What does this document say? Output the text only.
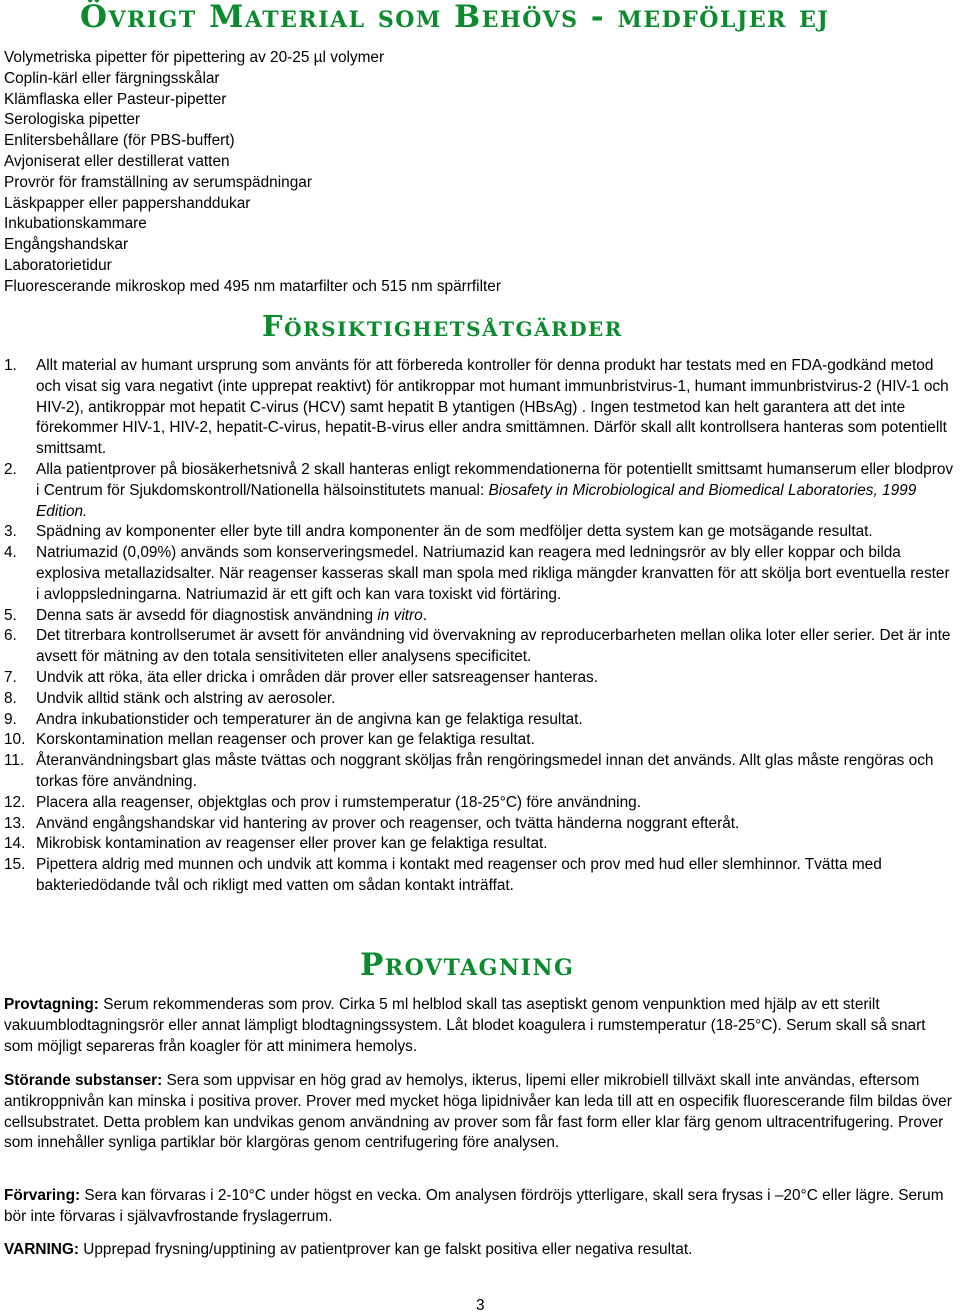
Övrigt Material som Behövs - medföljer ej
Volymetriska pipetter för pipettering av 20-25 µl volymer
Coplin-kärl eller färgningsskålar
Klämflaska eller Pasteur-pipetter
Serologiska pipetter
Enlitersbehållare (för PBS-buffert)
Avjoniserat eller destillerat vatten
Provrör för framställning av serumspädningar
Läskpapper eller pappershanddukar
Inkubationskammare
Engångshandskar
Laboratorietidur
Fluorescerande mikroskop med 495 nm matarfilter och 515 nm spärrfilter
Försiktighetsåtgärder
1. Allt material av humant ursprung som använts för att förbereda kontroller för denna produkt har testats med en FDA-godkänd metod och visat sig vara negativt (inte upprepat reaktivt) för antikroppar mot humant immunbristvirus-1, humant immunbristvirus-2 (HIV-1 och HIV-2), antikroppar mot hepatit C-virus (HCV) samt hepatit B ytantigen (HBsAg) . Ingen testmetod kan helt garantera att det inte förekommer HIV-1, HIV-2, hepatit-C-virus, hepatit-B-virus eller andra smittämnen. Därför skall allt kontrollsera hanteras som potentiellt smittsamt.
2. Alla patientprover på biosäkerhetsnivå 2 skall hanteras enligt rekommendationerna för potentiellt smittsamt humanserum eller blodprov i Centrum för Sjukdomskontroll/Nationella hälsoinstitutets manual: Biosafety in Microbiological and Biomedical Laboratories, 1999 Edition.
3. Spädning av komponenter eller byte till andra komponenter än de som medföljer detta system kan ge motsägande resultat.
4. Natriumazid (0,09%) används som konserveringsmedel. Natriumazid kan reagera med ledningsrör av bly eller koppar och bilda explosiva metallazidsalter. När reagenser kasseras skall man spola med rikliga mängder kranvatten för att skölja bort eventuella rester i avloppsledningarna. Natriumazid är ett gift och kan vara toxiskt vid förtäring.
5. Denna sats är avsedd för diagnostisk användning in vitro.
6. Det titrerbara kontrollserumet är avsett för användning vid övervakning av reproducerbarheten mellan olika loter eller serier. Det är inte avsett för mätning av den totala sensitiviteten eller analysens specificitet.
7. Undvik att röka, äta eller dricka i områden där prover eller satsreagenser hanteras.
8. Undvik alltid stänk och alstring av aerosoler.
9. Andra inkubationstider och temperaturer än de angivna kan ge felaktiga resultat.
10. Korskontamination mellan reagenser och prover kan ge felaktiga resultat.
11. Återanvändningsbart glas måste tvättas och noggrant sköljas från rengöringsmedel innan det används. Allt glas måste rengöras och torkas före användning.
12. Placera alla reagenser, objektglas och prov i rumstemperatur (18-25°C) före användning.
13. Använd engångshandskar vid hantering av prover och reagenser, och tvätta händerna noggrant efteråt.
14. Mikrobisk kontamination av reagenser eller prover kan ge felaktiga resultat.
15. Pipettera aldrig med munnen och undvik att komma i kontakt med reagenser och prov med hud eller slemhinnor. Tvätta med bakteriedödande tvål och rikligt med vatten om sådan kontakt inträffat.
Provtagning

Provtagning: Serum rekommenderas som prov. Cirka 5 ml helblod skall tas aseptiskt genom venpunktion med hjälp av ett sterilt vakuumblodtagningsrör eller annat lämpligt blodtagningssystem. Låt blodet koagulera i rumstemperatur (18-25°C). Serum skall så snart som möjligt separeras från koagler för att minimera hemolys.

Störande substanser: Sera som uppvisar en hög grad av hemolys, ikterus, lipemi eller mikrobiell tillväxt skall inte användas, eftersom antikroppnivån kan minska i positiva prover. Prover med mycket höga lipidnivåer kan leda till att en ospecifik fluorescerande film bildas över cellsubstratet. Detta problem kan undvikas genom användning av prover som får fast form eller klar färg genom ultracentrifugering. Prover som innehåller synliga partiklar bör klargöras genom centrifugering före analysen.

Förvaring: Sera kan förvaras i 2-10°C under högst en vecka. Om analysen fördröjs ytterligare, skall sera frysas i –20°C eller lägre. Serum bör inte förvaras i självavfrostande fryslagerrum.

VARNING: Upprepad frysning/upptining av patientprover kan ge falskt positiva eller negativa resultat.

3
